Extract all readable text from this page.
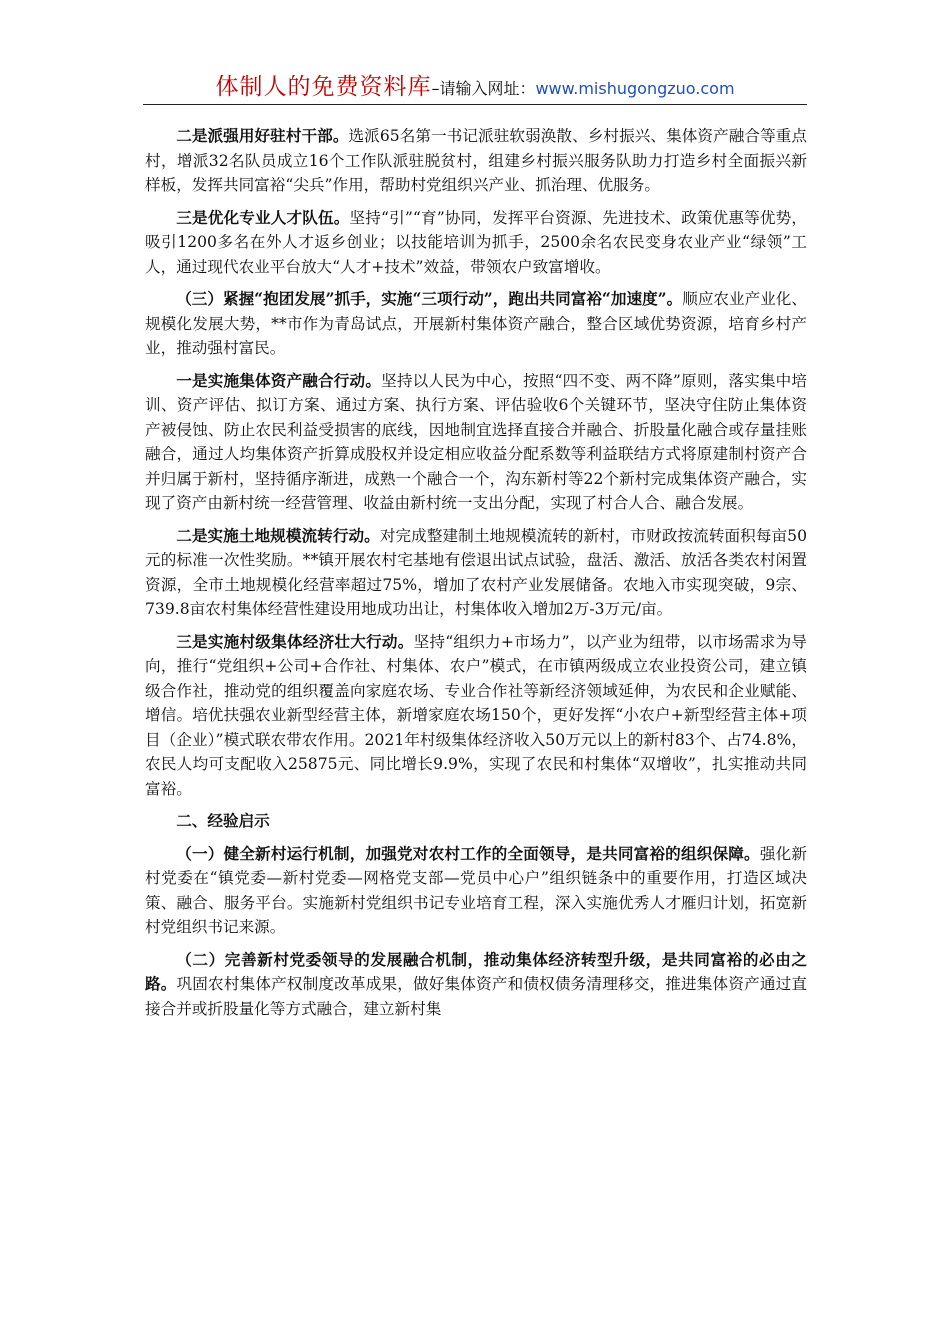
体制人的免费资料库–请输入网址：www.mishugongzuo.com

二是派强用好驻村干部。选派65名第一书记派驻软弱涣散、乡村振兴、集体资产融合等重点村，增派32名队员成立16个工作队派驻脱贫村，组建乡村振兴服务队助力打造乡村全面振兴新样板，发挥共同富裕“尖兵”作用，帮助村党组织兴产业、抓治理、优服务。

三是优化专业人才队伍。坚持“引”“育”协同，发挥平台资源、先进技术、政策优惠等优势，吸引1200多名在外人才返乡创业；以技能培训为抓手，2500余名农民变身农业产业“绿领”工人，通过现代农业平台放大“人才+技术”效益，带领农户致富增收。

（三）紧握“抱团发展”抓手，实施“三项行动”，跑出共同富裕“加速度”。顺应农业产业化、规模化发展大势，**市作为青岛试点，开展新村集体资产融合，整合区域优势资源，培育乡村产业，推动强村富民。

一是实施集体资产融合行动。坚持以人民为中心，按照“四不变、两不降”原则，落实集中培训、资产评估、拟订方案、通过方案、执行方案、评估验收6个关键环节，坚决守住防止集体资产被侵蚀、防止农民利益受损害的底线，因地制宜选择直接合并融合、折股量化融合或存量挂账融合，通过人均集体资产折算成股权并设定相应收益分配系数等利益联结方式将原建制村资产合并归属于新村，坚持循序渐进，成熟一个融合一个，沟东新村等22个新村完成集体资产融合，实现了资产由新村统一经营管理、收益由新村统一支出分配，实现了村合人合、融合发展。

二是实施土地规模流转行动。对完成整建制土地规模流转的新村，市财政按流转面积每亩50元的标准一次性奖励。**镇开展农村宅基地有偿退出试点试验，盘活、激活、放活各类农村闲置资源，全市土地规模化经营率超过75%，增加了农村产业发展储备。农地入市实现突破，9宗、739.8亩农村集体经营性建设用地成功出让，村集体收入增加2万-3万元/亩。

三是实施村级集体经济壮大行动。坚持“组织力+市场力”，以产业为纽带，以市场需求为导向，推行“党组织+公司+合作社、村集体、农户”模式，在市镇两级成立农业投资公司，建立镇级合作社，推动党的组织覆盖向家庭农场、专业合作社等新经济领域延伸，为农民和企业赋能、增信。培优扶强农业新型经营主体，新增家庭农场150个，更好发挥“小农户+新型经营主体+项目（企业）”模式联农带农作用。2021年村级集体经济收入50万元以上的新村83个、占74.8%，农民人均可支配收入25875元、同比增长9.9%，实现了农民和村集体“双增收”，扎实推动共同富裕。

二、经验启示

（一）健全新村运行机制，加强党对农村工作的全面领导，是共同富裕的组织保障。强化新村党委在“镇党委—新村党委—网格党支部—党员中心户”组织链条中的重要作用，打造区域决策、融合、服务平台。实施新村党组织书记专业培育工程，深入实施优秀人才雁归计划，拓宽新村党组织书记来源。

（二）完善新村党委领导的发展融合机制，推动集体经济转型升级，是共同富裕的必由之路。巩固农村集体产权制度改革成果，做好集体资产和债权债务清理移交，推进集体资产通过直接合并或折股量化等方式融合，建立新村集
